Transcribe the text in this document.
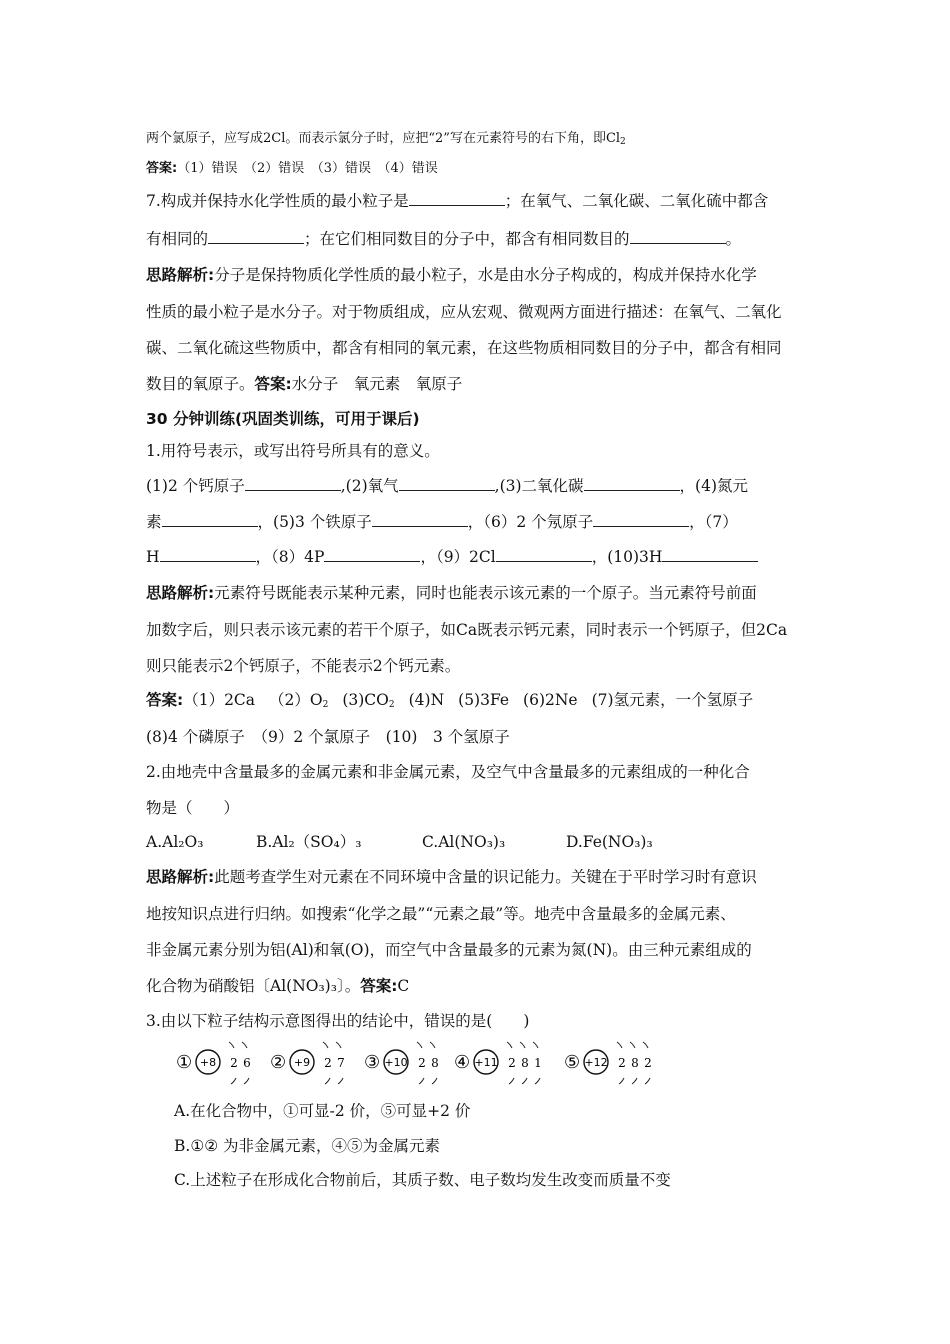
两个氯原子，应写成2Cl。而表示氯分子时，应把“2”写在元素符号的右下角，即$Cl_2$
答案:（1）错误　（2）错误　（3）错误　（4）错误
7.构成并保持水化学性质的最小粒子是	；在氧气、二氧化碳、二氧化硫中都含
有相同的	；在它们相同数目的分子中，都含有相同数目的	。
思路解析:分子是保持物质化学性质的最小粒子，水是由水分子构成的，构成并保持水化学
性质的最小粒子是水分子。对于物质组成，应从宏观、微观两方面进行描述：在氧气、二氧化
碳、二氧化硫这些物质中，都含有相同的氧元素，在这些物质相同数目的分子中，都含有相同
数目的氧原子。答案:水分子　氧元素　氧原子
30 分钟训练(巩固类训练，可用于课后)
1.用符号表示，或写出符号所具有的意义。
(1)2 个钙原子	,(2)氧气	,(3)二氧化碳	，(4)氮元
素	，(5)3 个铁原子	，（6）2 个氖原子	，（7）
H	，（8）4P	，（9）2Cl	，(10)3H
思路解析:元素符号既能表示某种元素，同时也能表示该元素的一个原子。当元素符号前面
加数字后，则只表示该元素的若干个原子，如Ca既表示钙元素，同时表示一个钙原子，但2Ca
则只能表示2个钙原子，不能表示2个钙元素。
答案:（1）2Ca $(2)O_2$ $(3)CO_2$ (4)N (5)3Fe (6)2Ne (7)氢元素，一个氢原子
(8)4 个磷原子　（9）2 个氯原子　(10)　3 个氢原子
2.由地壳中含量最多的金属元素和非金属元素，及空气中含量最多的元素组成的一种化合
物是（　　）
A.Al₂O₃	B.Al₂（SO₄）₃	C.Al(NO₃)₃	D.Fe(NO₃)₃
思路解析:此题考查学生对元素在不同环境中含量的识记能力。关键在于平时学习时有意识
地按知识点进行归纳。如搜索“化学之最”“元素之最”等。地壳中含量最多的金属元素、
非金属元素分别为铝(Al)和氧(O)，而空气中含量最多的元素为氮(N)。由三种元素组成的
化合物为硝酸铝〔Al(NO₃)₃〕。答案:C
3.由以下粒子结构示意图得出的结论中，错误的是(　　)
① +8 2 6 ② +9 2 7 ③ +10 2 8 ④ +11 2 8 1 ⑤ +12 2 8 2
A.在化合物中，①可显-2 价，⑤可显+2 价
B.①② 为非金属元素，④⑤为金属元素
C.上述粒子在形成化合物前后，其质子数、电子数均发生改变而质量不变
